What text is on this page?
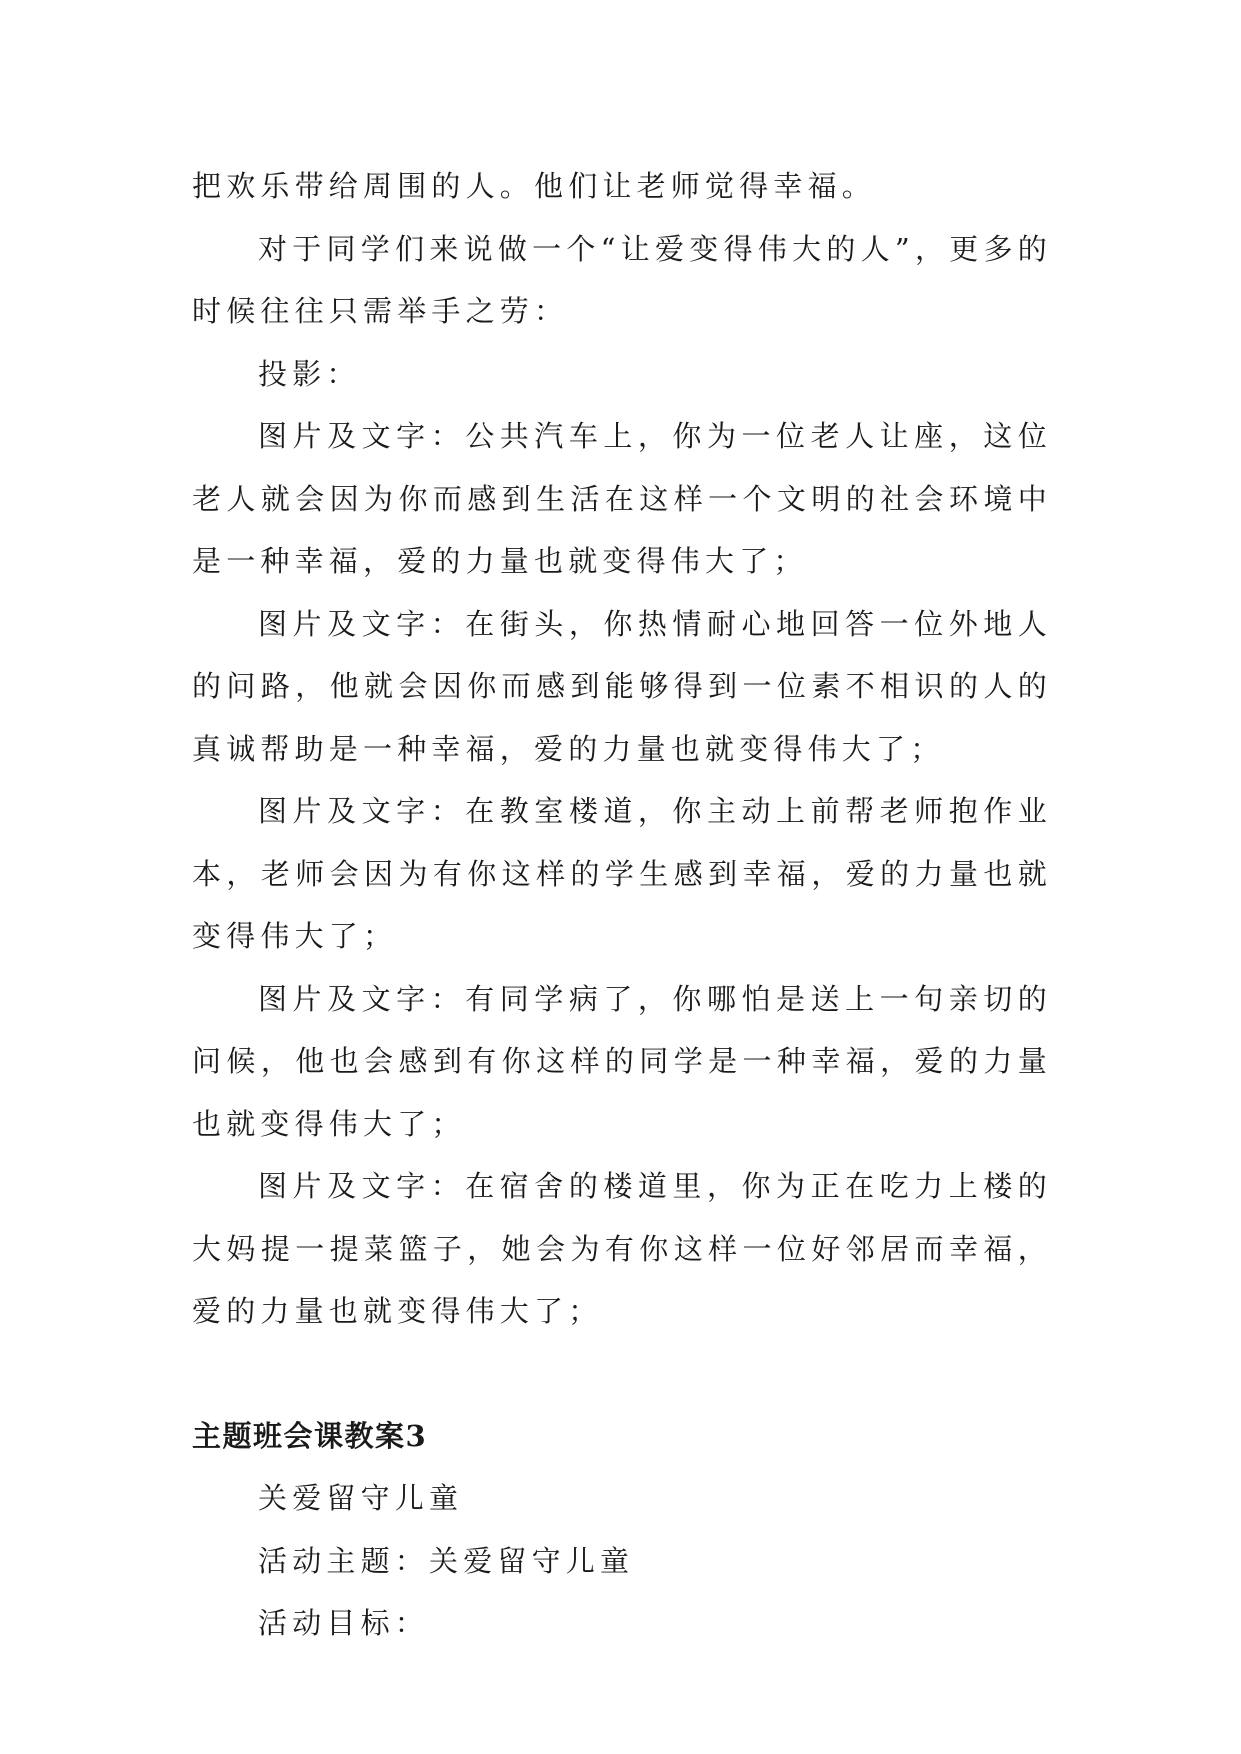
把欢乐带给周围的人。他们让老师觉得幸福。

对于同学们来说做一个“让爱变得伟大的人”，更多的时候往往只需举手之劳：

投影：

图片及文字：公共汽车上，你为一位老人让座，这位老人就会因为你而感到生活在这样一个文明的社会环境中是一种幸福，爱的力量也就变得伟大了；

图片及文字：在街头，你热情耐心地回答一位外地人的问路，他就会因你而感到能够得到一位素不相识的人的真诚帮助是一种幸福，爱的力量也就变得伟大了；

图片及文字：在教室楼道，你主动上前帮老师抱作业本，老师会因为有你这样的学生感到幸福，爱的力量也就变得伟大了；

图片及文字：有同学病了，你哪怕是送上一句亲切的问候，他也会感到有你这样的同学是一种幸福，爱的力量也就变得伟大了；

图片及文字：在宿舍的楼道里，你为正在吃力上楼的大妈提一提菜篮子，她会为有你这样一位好邻居而幸福，爱的力量也就变得伟大了；

主题班会课教案3

关爱留守儿童

活动主题：关爱留守儿童

活动目标：
